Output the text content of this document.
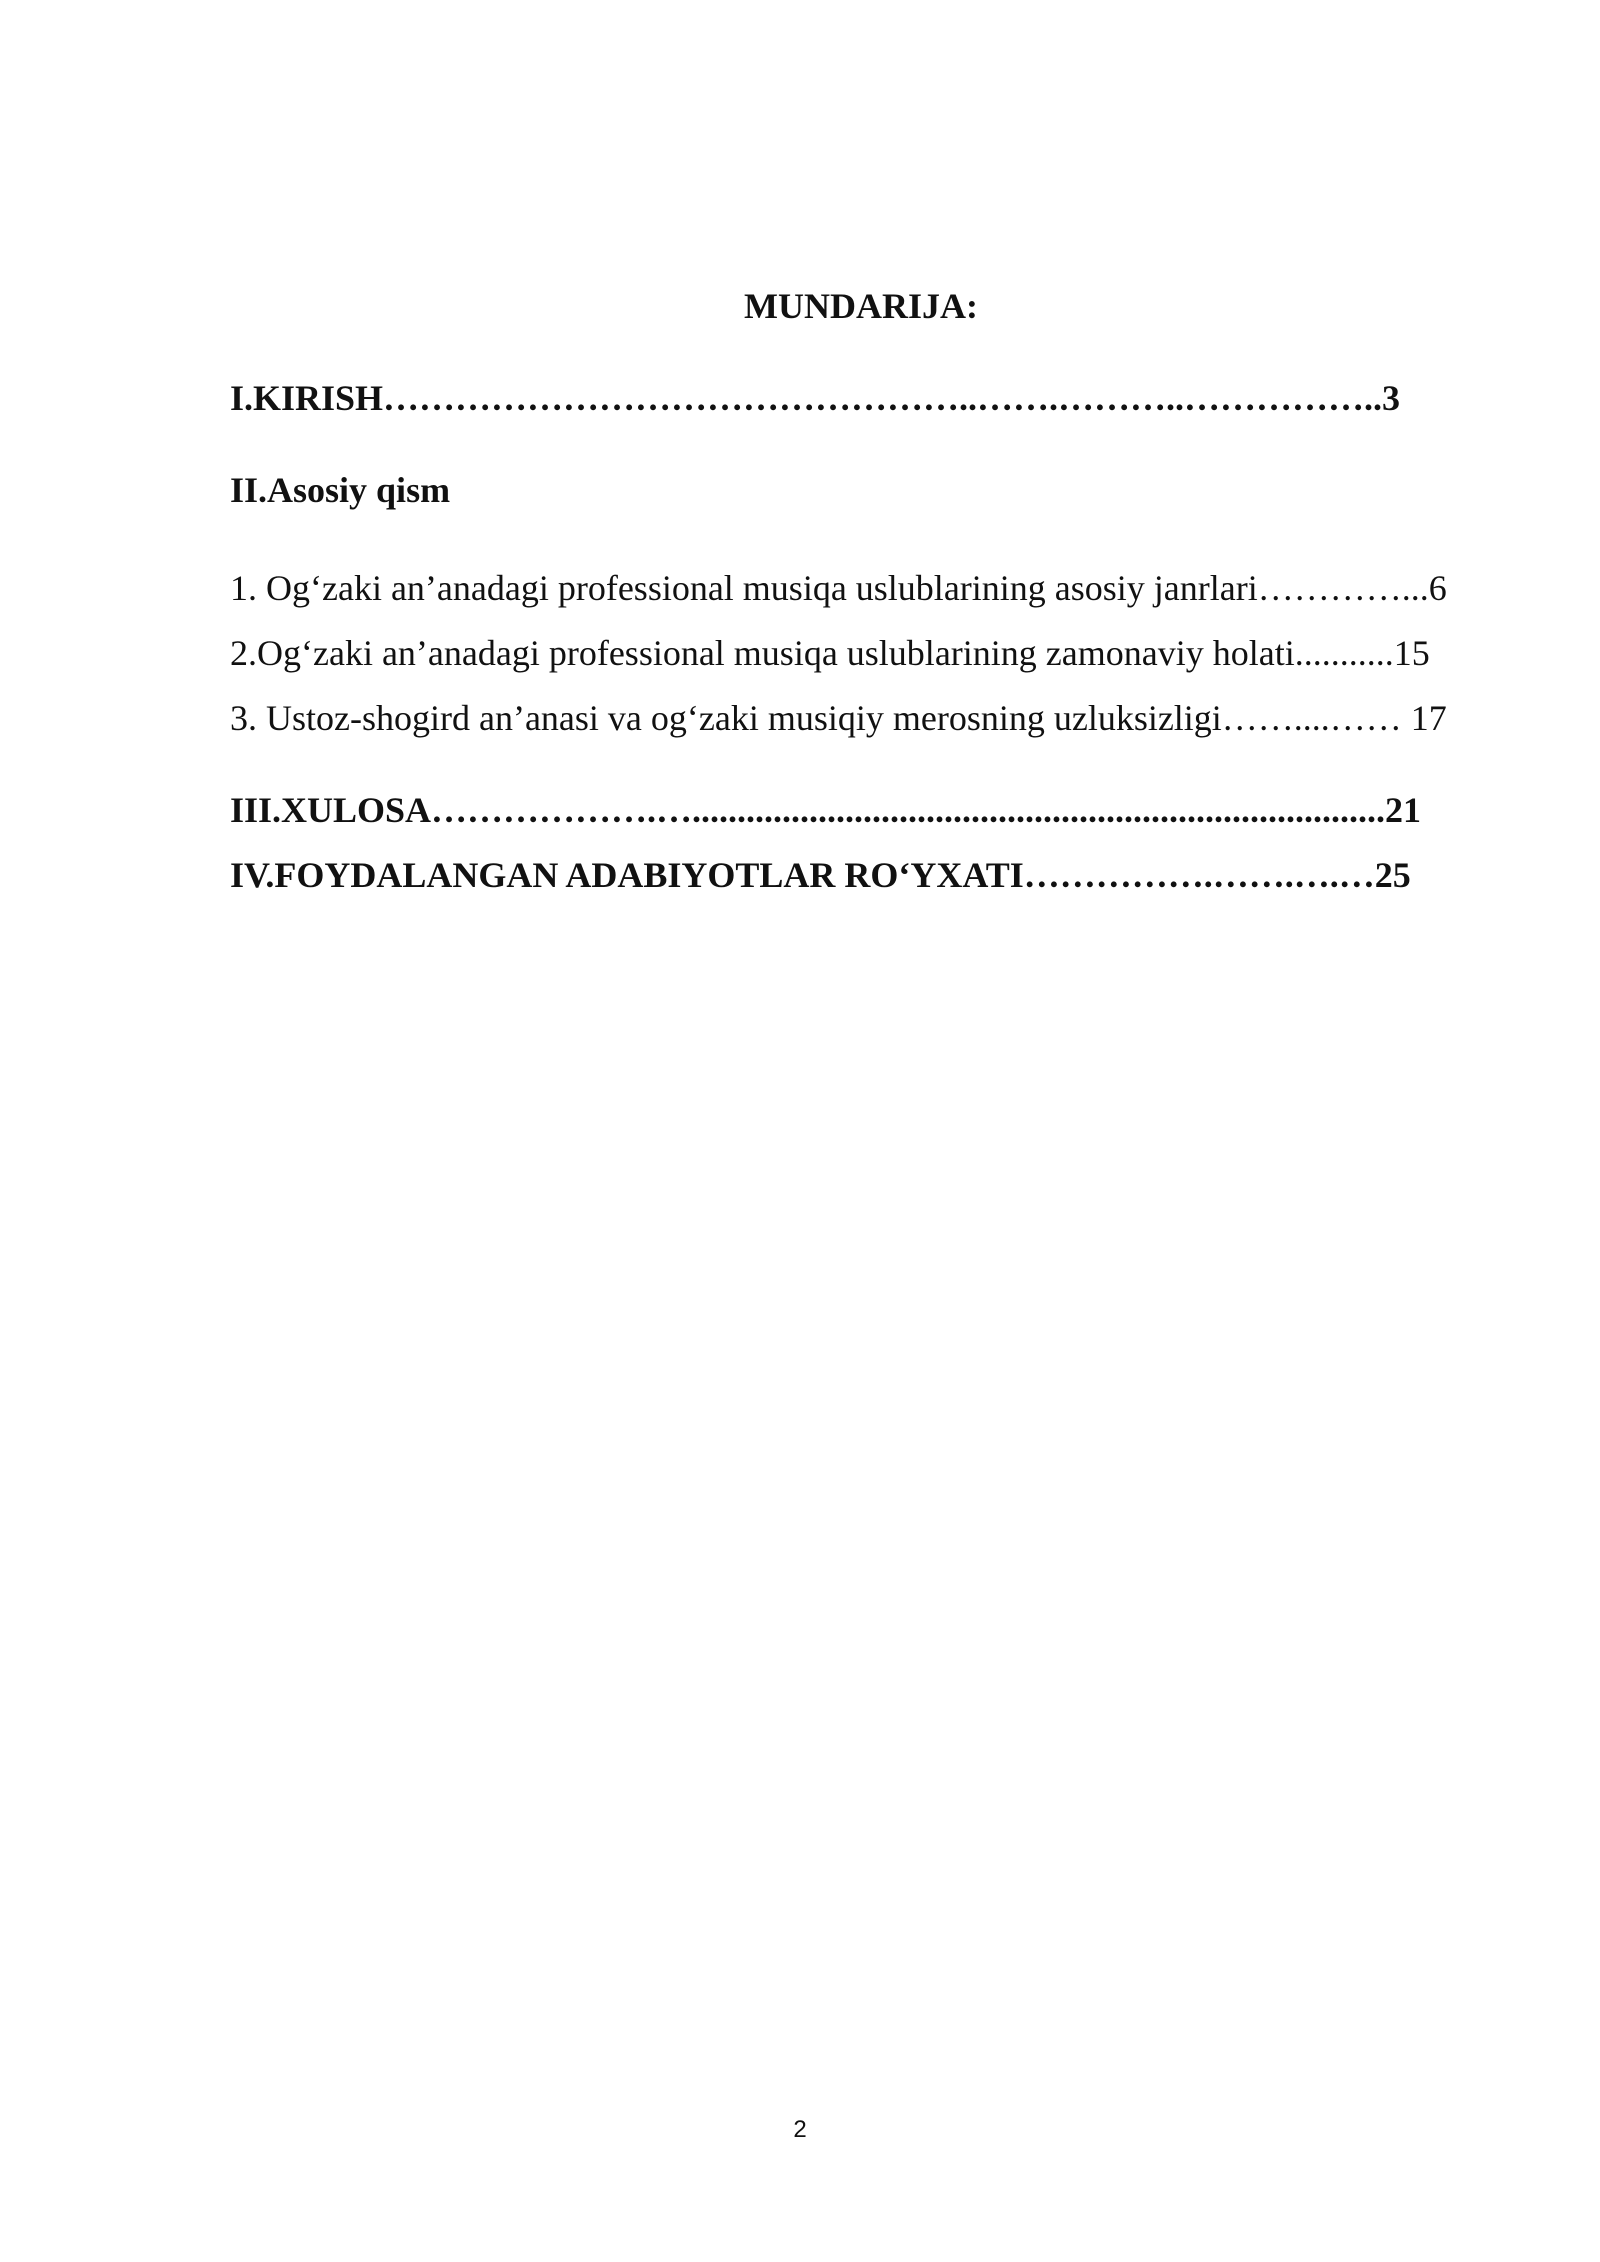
MUNDARIJA:
I.KIRISH…………………………………………..…….………..……………..3
II.Asosiy qism
1. Og‘zaki an’anadagi professional musiqa uslublarining asosiy janrlari…………...6
2.Og‘zaki an’anadagi professional musiqa uslublarining zamonaviy holati...........15
3. Ustoz-shogird an’anasi va og‘zaki musiqiy merosning uzluksizligi……....…… 17
III.XULOSA……………….….............................................................................21
IV.FOYDALANGAN ADABIYOTLAR RO‘YXATI…………….…….….…25
2
